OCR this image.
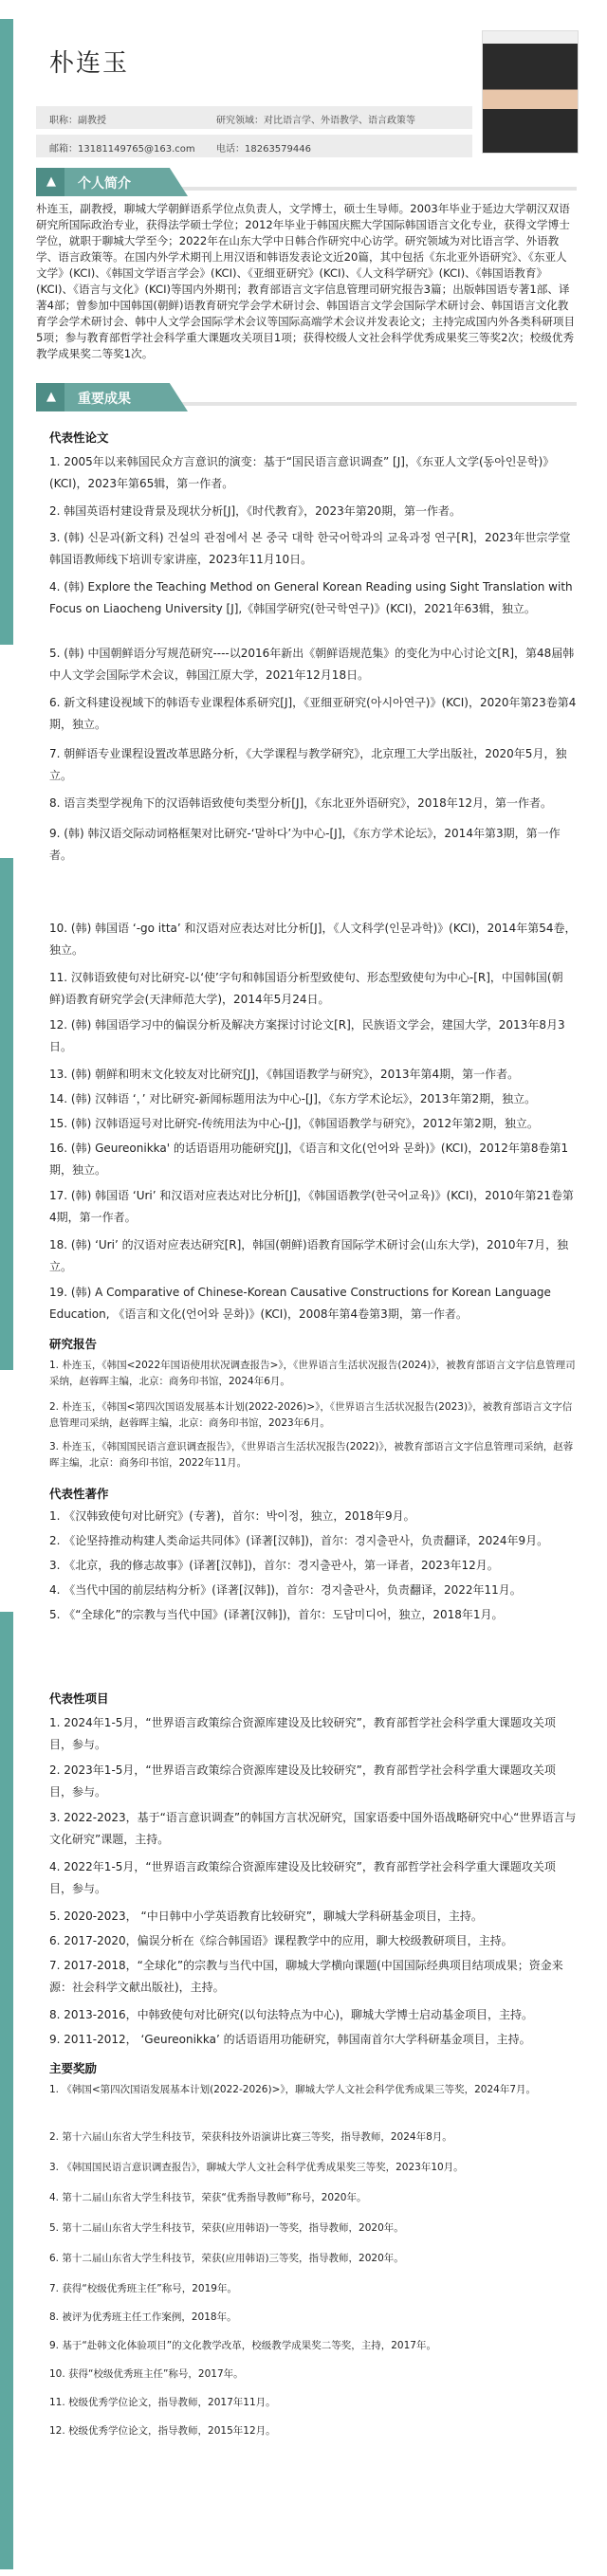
朴连玉
职称：副教授	研究领域：对比语言学、外语教学、语言政策等
邮箱：13181149765@163.com 电话：18263579446
▲ 个人简介
朴连玉，副教授，聊城大学朝鲜语系学位点负责人，文学博士，硕士生导师。2003年毕业于延边大学朝汉双语研究所国际政治专业，获得法学硕士学位；2012年毕业于韩国庆熙大学国际韩国语言文化专业，获得文学博士学位，就职于聊城大学至今；2022年在山东大学中日韩合作研究中心访学。研究领域为对比语言学、外语教学、语言政策等。在国内外学术期刊上用汉语和韩语发表论文近20篇，其中包括《东北亚外语研究》、《东亚人文学》(KCI)、《韩国文学语言学会》(KCI)、《亚细亚研究》(KCI)、《人文科学研究》(KCI)、《韩国语教育》(KCI)、《语言与文化》(KCI)等国内外期刊；教育部语言文字信息管理司研究报告3篇；出版韩国语专著1部、译著4部；曾参加中国韩国(朝鲜)语教育研究学会学术研讨会、韩国语言文学会国际学术研讨会、韩国语言文化教育学会学术研讨会、韩中人文学会国际学术会议等国际高端学术会议并发表论文；主持完成国内外各类科研项目5项；参与教育部哲学社会科学重大课题攻关项目1项；获得校级人文社会科学优秀成果奖三等奖2次；校级优秀教学成果奖二等奖1次。
▲ 重要成果
代表性论文
1. 2005年以来韩国民众方言意识的演变：基于“国民语言意识调查” [J]，《东亚人文学(동아인문학)》(KCI)，2023年第65辑，第一作者。
2. 韩国英语村建设背景及现状分析[J]，《时代教育》，2023年第20期，第一作者。
3. (韩) 신문과(新文科) 건설의 관점에서 본 중국 대학 한국어학과의 교육과정 연구[R]，2023年世宗学堂韩国语教师线下培训专家讲座，2023年11月10日。
4. (韩) Explore the Teaching Method on General Korean Reading using Sight Translation with Focus on Liaocheng University [J],《韩国学研究(한국학연구)》(KCI)，2021年63辑，独立。
5. (韩) 中国朝鲜语分写规范研究----以2016年新出《朝鲜语规范集》的变化为中心讨论文[R]，第48届韩中人文学会国际学术会议，韩国江原大学，2021年12月18日。
6. 新文科建设视域下的韩语专业课程体系研究[J]，《亚细亚研究(아시아연구)》(KCI)，2020年第23卷第4期，独立。
7. 朝鲜语专业课程设置改革思路分析，《大学课程与教学研究》，北京理工大学出版社，2020年5月，独立。
8. 语言类型学视角下的汉语韩语致使句类型分析[J]，《东北亚外语研究》，2018年12月，第一作者。
9. (韩) 韩汉语交际动词格框架对比研究-‘말하다’为中心-[J]，《东方学术论坛》，2014年第3期，第一作者。
10. (韩) 韩国语 ‘-go itta’ 和汉语对应表达对比分析[J]，《人文科学(인문과학)》(KCI)，2014年第54卷，独立。
11. 汉韩语致使句对比研究-以‘使’字句和韩国语分析型致使句、形态型致使句为中心-[R]，中国韩国(朝鲜)语教育研究学会(天津师范大学)，2014年5月24日。
12. (韩) 韩国语学习中的偏误分析及解决方案探讨讨论文[R]，民族语文学会，建国大学，2013年8月3日。
13. (韩) 朝鲜和明末文化较友对比研究[J]，《韩国语教学与研究》，2013年第4期，第一作者。
14. (韩) 汉韩语 ‘，’ 对比研究-新闻标题用法为中心-[J]，《东方学术论坛》，2013年第2期，独立。
15. (韩) 汉韩语逗号对比研究-传统用法为中心-[J]，《韩国语教学与研究》，2012年第2期，独立。
16. (韩) Geureonikka' 的话语语用功能研究[J]，《语言和文化(언어와 문화)》(KCI)，2012年第8卷第1期，独立。
17. (韩) 韩国语 ‘Uri’ 和汉语对应表达对比分析[J]，《韩国语教学(한국어교육)》(KCI)，2010年第21卷第4期，第一作者。
18. (韩) ‘Uri’ 的汉语对应表达研究[R]，韩国(朝鲜)语教育国际学术研讨会(山东大学)，2010年7月，独立。
19. (韩) A Comparative of Chinese-Korean Causative Constructions for Korean Language Education, 《语言和文化(언어와 문화)》(KCI)，2008年第4卷第3期，第一作者。
研究报告
1. 朴连玉，《韩国<2022年国语使用状况调查报告>》，《世界语言生活状况报告(2024)》，被教育部语言文字信息管理司采纳，赵蓉晖主编，北京：商务印书馆，2024年6月。
2. 朴连玉，《韩国<第四次国语发展基本计划(2022-2026)>》，《世界语言生活状况报告(2023)》，被教育部语言文字信息管理司采纳，赵蓉晖主编，北京：商务印书馆，2023年6月。
3. 朴连玉，《韩国国民语言意识调查报告》，《世界语言生活状况报告(2022)》，被教育部语言文字信息管理司采纳，赵蓉晖主编，北京：商务印书馆，2022年11月。
代表性著作
1. 《汉韩致使句对比研究》(专著)，首尔：박이정，独立，2018年9月。
2. 《论坚持推动构建人类命运共同体》(译著[汉韩])，首尔：경지출판사，负责翻译，2024年9月。
3. 《北京，我的修志故事》(译著[汉韩])，首尔：경지출판사，第一译者，2023年12月。
4. 《当代中国的前层结构分析》(译著[汉韩])，首尔：경지출판사，负责翻译，2022年11月。
5. 《“全球化”的宗教与当代中国》(译著[汉韩])，首尔：도담미디어，独立，2018年1月。
代表性项目
1. 2024年1-5月，“世界语言政策综合资源库建设及比较研究”，教育部哲学社会科学重大课题攻关项目，参与。
2. 2023年1-5月，“世界语言政策综合资源库建设及比较研究”，教育部哲学社会科学重大课题攻关项目，参与。
3. 2022-2023，基于“语言意识调查”的韩国方言状况研究，国家语委中国外语战略研究中心“世界语言与文化研究”课题，主持。
4. 2022年1-5月，“世界语言政策综合资源库建设及比较研究”，教育部哲学社会科学重大课题攻关项目，参与。
5. 2020-2023， “中日韩中小学英语教育比较研究”，聊城大学科研基金项目，主持。
6. 2017-2020，偏误分析在《综合韩国语》课程教学中的应用，聊大校级教研项目，主持。
7. 2017-2018，“全球化”的宗教与当代中国，聊城大学横向课题(中国国际经典项目结项成果；资金来源：社会科学文献出版社)，主持。
8. 2013-2016，中韩致使句对比研究(以句法特点为中心)，聊城大学博士启动基金项目，主持。
9. 2011-2012， ‘Geureonikka’ 的话语语用功能研究，韩国南首尔大学科研基金项目，主持。
主要奖励
1. 《韩国<第四次国语发展基本计划(2022-2026)>》，聊城大学人文社会科学优秀成果三等奖，2024年7月。
2. 第十六届山东省大学生科技节，荣获科技外语演讲比赛三等奖，指导教师，2024年8月。
3. 《韩国国民语言意识调查报告》，聊城大学人文社会科学优秀成果奖三等奖，2023年10月。
4. 第十二届山东省大学生科技节，荣获“优秀指导教师”称号，2020年。
5. 第十二届山东省大学生科技节，荣获(应用韩语)一等奖，指导教师，2020年。
6. 第十二届山东省大学生科技节，荣获(应用韩语)三等奖，指导教师，2020年。
7. 获得“校级优秀班主任”称号，2019年。
8. 被评为优秀班主任工作案例，2018年。
9. 基于“赴韩文化体验项目”的文化教学改革，校级教学成果奖二等奖，主持，2017年。
10. 获得“校级优秀班主任”称号，2017年。
11. 校级优秀学位论文，指导教师，2017年11月。
12. 校级优秀学位论文，指导教师，2015年12月。
